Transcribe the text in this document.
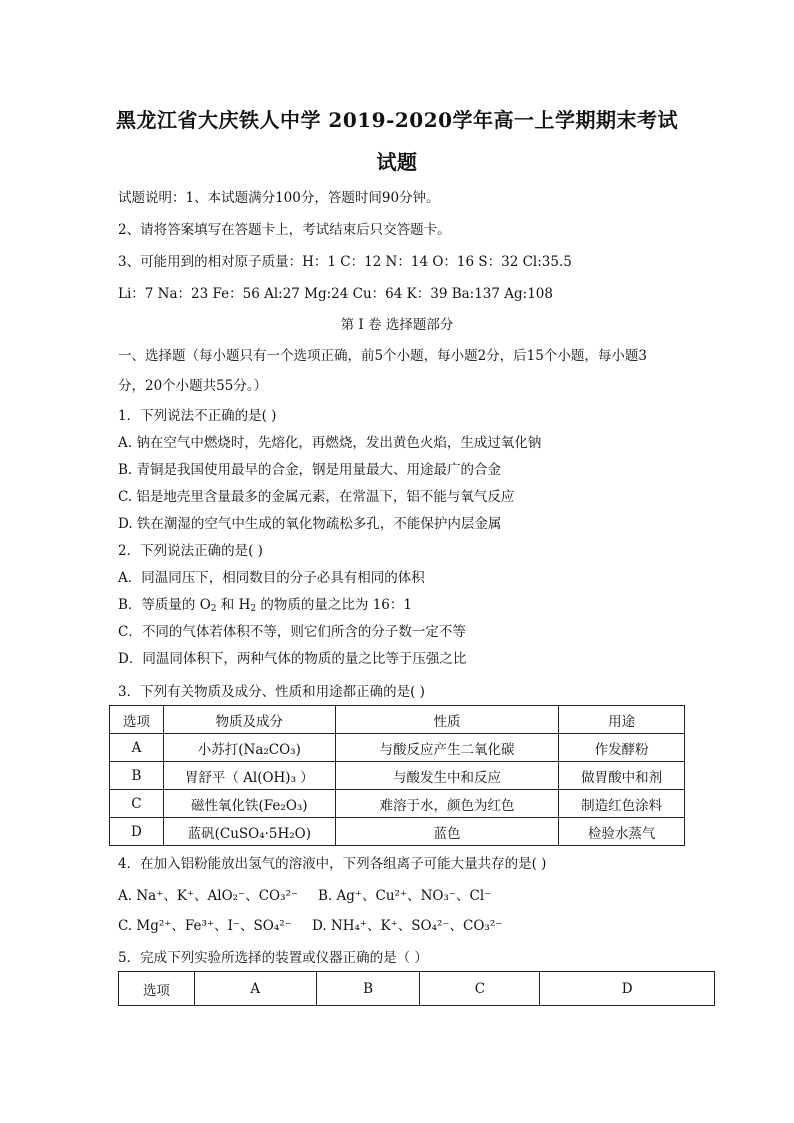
黑龙江省大庆铁人中学 2019-2020学年高一上学期期末考试
试题
试题说明：1、本试题满分100分，答题时间90分钟。
2、请将答案填写在答题卡上，考试结束后只交答题卡。
3、可能用到的相对原子质量：H：1 C：12 N：14 O：16 S：32 Cl:35.5
Li：7 Na：23 Fe：56 Al:27 Mg:24 Cu：64 K：39 Ba:137 Ag:108
第 I 卷 选择题部分
一、选择题（每小题只有一个选项正确，前5个小题，每小题2分，后15个小题，每小题3
分，20个小题共55分。）
1．下列说法不正确的是( )
A. 钠在空气中燃烧时，先熔化，再燃烧，发出黄色火焰，生成过氧化钠
B. 青铜是我国使用最早的合金，钢是用量最大、用途最广的合金
C. 铝是地壳里含量最多的金属元素，在常温下，铝不能与氧气反应
D. 铁在潮湿的空气中生成的氧化物疏松多孔，不能保护内层金属
2．下列说法正确的是( )
A．同温同压下，相同数目的分子必具有相同的体积
B．等质量的 $O_2$ 和 $H_2$ 的物质的量之比为 16：1
C．不同的气体若体积不等，则它们所含的分子数一定不等
D．同温同体积下，两种气体的物质的量之比等于压强之比
3．下列有关物质及成分、性质和用途都正确的是( )
选项	物质及成分	性质	用途
A	小苏打(Na₂CO₃)	与酸反应产生二氧化碳	作发酵粉
B	胃舒平（ Al(OH)₃ ）	与酸发生中和反应	做胃酸中和剂
C	磁性氧化铁(Fe₂O₃)	难溶于水，颜色为红色	制造红色涂料
D	蓝矾(CuSO₄·5H₂O)	蓝色	检验水蒸气
4．在加入铝粉能放出氢气的溶液中，下列各组离子可能大量共存的是( )
A. Na⁺、K⁺、AlO₂⁻、CO₃²⁻ B. Ag⁺、Cu²⁺、NO₃⁻、Cl⁻
C. Mg²⁺、Fe³⁺、I⁻、SO₄²⁻ D. NH₄⁺、K⁺、SO₄²⁻、CO₃²⁻
5．完成下列实验所选择的装置或仪器正确的是（ ）
选项	A	B	C	D
